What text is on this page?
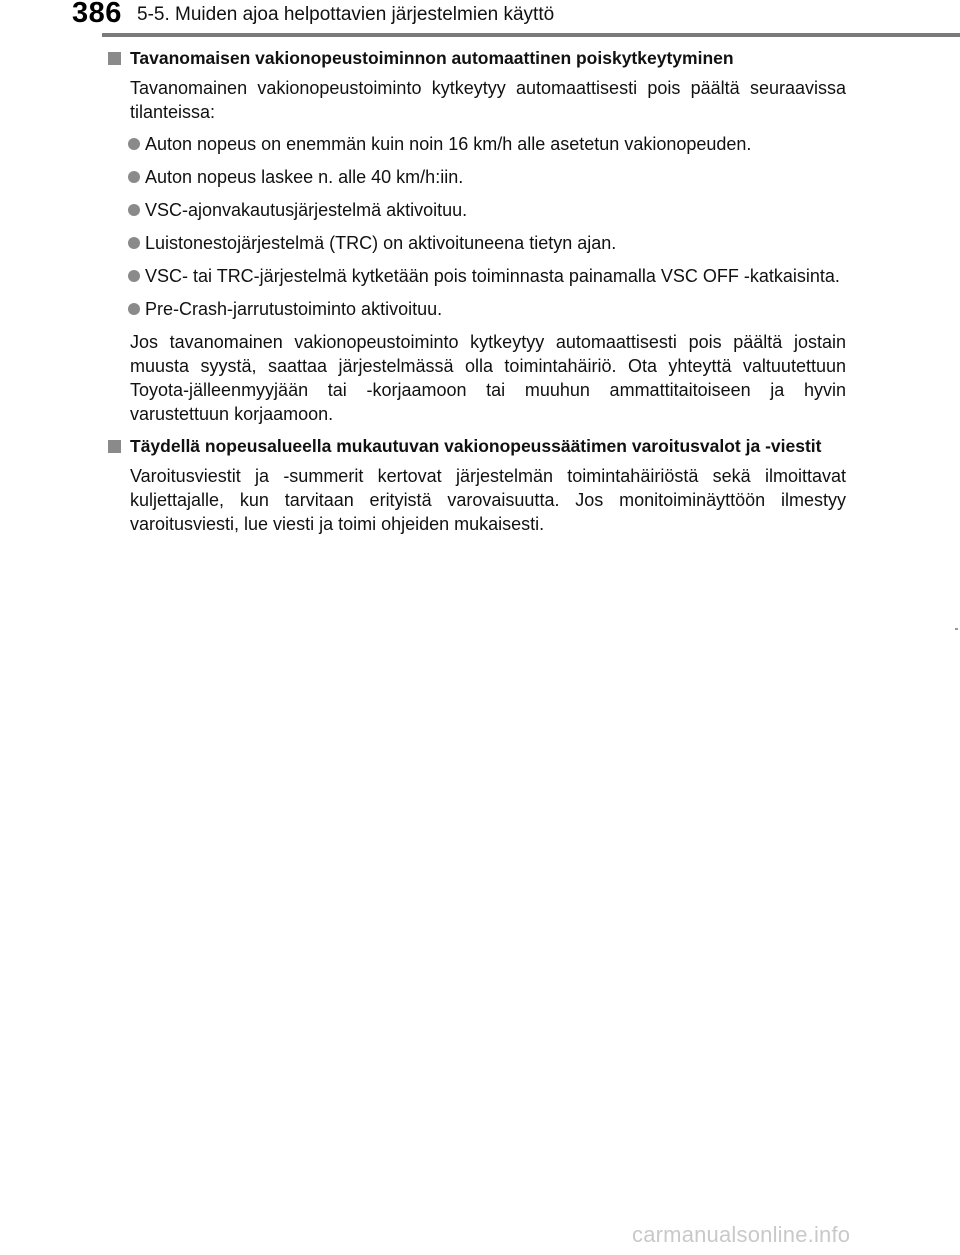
386 5-5. Muiden ajoa helpottavien järjestelmien käyttö
Tavanomaisen vakionopeustoiminnon automaattinen poiskytkeytyminen

Tavanomainen vakionopeustoiminto kytkeytyy automaattisesti pois päältä seuraavissa tilanteissa:

Auton nopeus on enemmän kuin noin 16 km/h alle asetetun vakionopeuden.
Auton nopeus laskee n. alle 40 km/h:iin.
VSC-ajonvakautusjärjestelmä aktivoituu.
Luistonestojärjestelmä (TRC) on aktivoituneena tietyn ajan.
VSC- tai TRC-järjestelmä kytketään pois toiminnasta painamalla VSC OFF -katkaisinta.
Pre-Crash-jarrutustoiminto aktivoituu.

Jos tavanomainen vakionopeustoiminto kytkeytyy automaattisesti pois päältä jostain muusta syystä, saattaa järjestelmässä olla toimintahäiriö. Ota yhteyttä valtuutettuun Toyota-jälleenmyyjään tai -korjaamoon tai muuhun ammattitaitoiseen ja hyvin varustettuun korjaamoon.

Täydellä nopeusalueella mukautuvan vakionopeussäätimen varoitusvalot ja -viestit

Varoitusviestit ja -summerit kertovat järjestelmän toimintahäiriöstä sekä ilmoittavat kuljettajalle, kun tarvitaan erityistä varovaisuutta. Jos monitoiminäyttöön ilmestyy varoitusviesti, lue viesti ja toimi ohjeiden mukaisesti.

carmanualsonline.info
